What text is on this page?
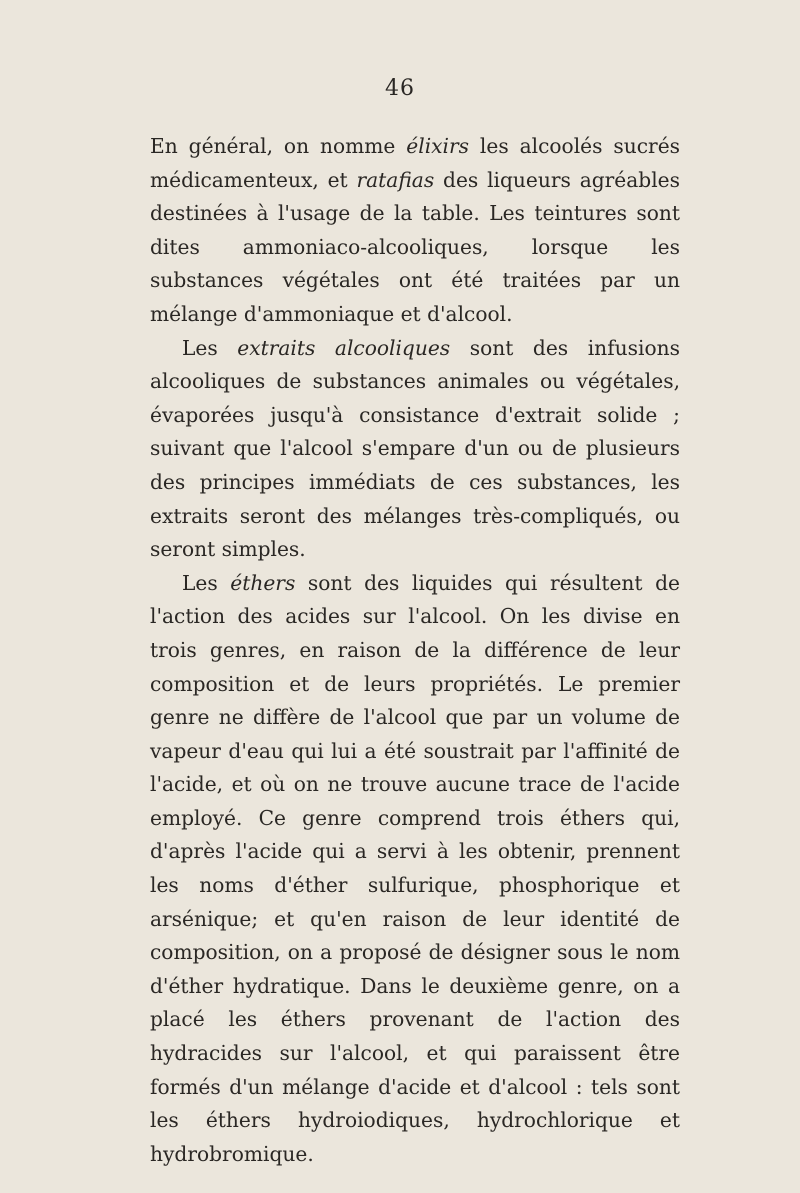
46

En général, on nomme élixirs les alcoolés sucrés médicamenteux, et ratafias des liqueurs agréables destinées à l'usage de la table. Les teintures sont dites ammoniaco-alcooliques, lorsque les substances végétales ont été traitées par un mélange d'ammoniaque et d'alcool.

Les extraits alcooliques sont des infusions alcooliques de substances animales ou végétales, évaporées jusqu'à consistance d'extrait solide ; suivant que l'alcool s'empare d'un ou de plusieurs des principes immédiats de ces substances, les extraits seront des mélanges très-compliqués, ou seront simples.

Les éthers sont des liquides qui résultent de l'action des acides sur l'alcool. On les divise en trois genres, en raison de la différence de leur composition et de leurs propriétés. Le premier genre ne diffère de l'alcool que par un volume de vapeur d'eau qui lui a été soustrait par l'affinité de l'acide, et où on ne trouve aucune trace de l'acide employé. Ce genre comprend trois éthers qui, d'après l'acide qui a servi à les obtenir, prennent les noms d'éther sulfurique, phosphorique et arsénique; et qu'en raison de leur identité de composition, on a proposé de désigner sous le nom d'éther hydratique. Dans le deuxième genre, on a placé les éthers provenant de l'action des hydracides sur l'alcool, et qui paraissent être formés d'un mélange d'acide et d'alcool : tels sont les éthers hydroiodiques, hydrochlorique et hydrobromique.
